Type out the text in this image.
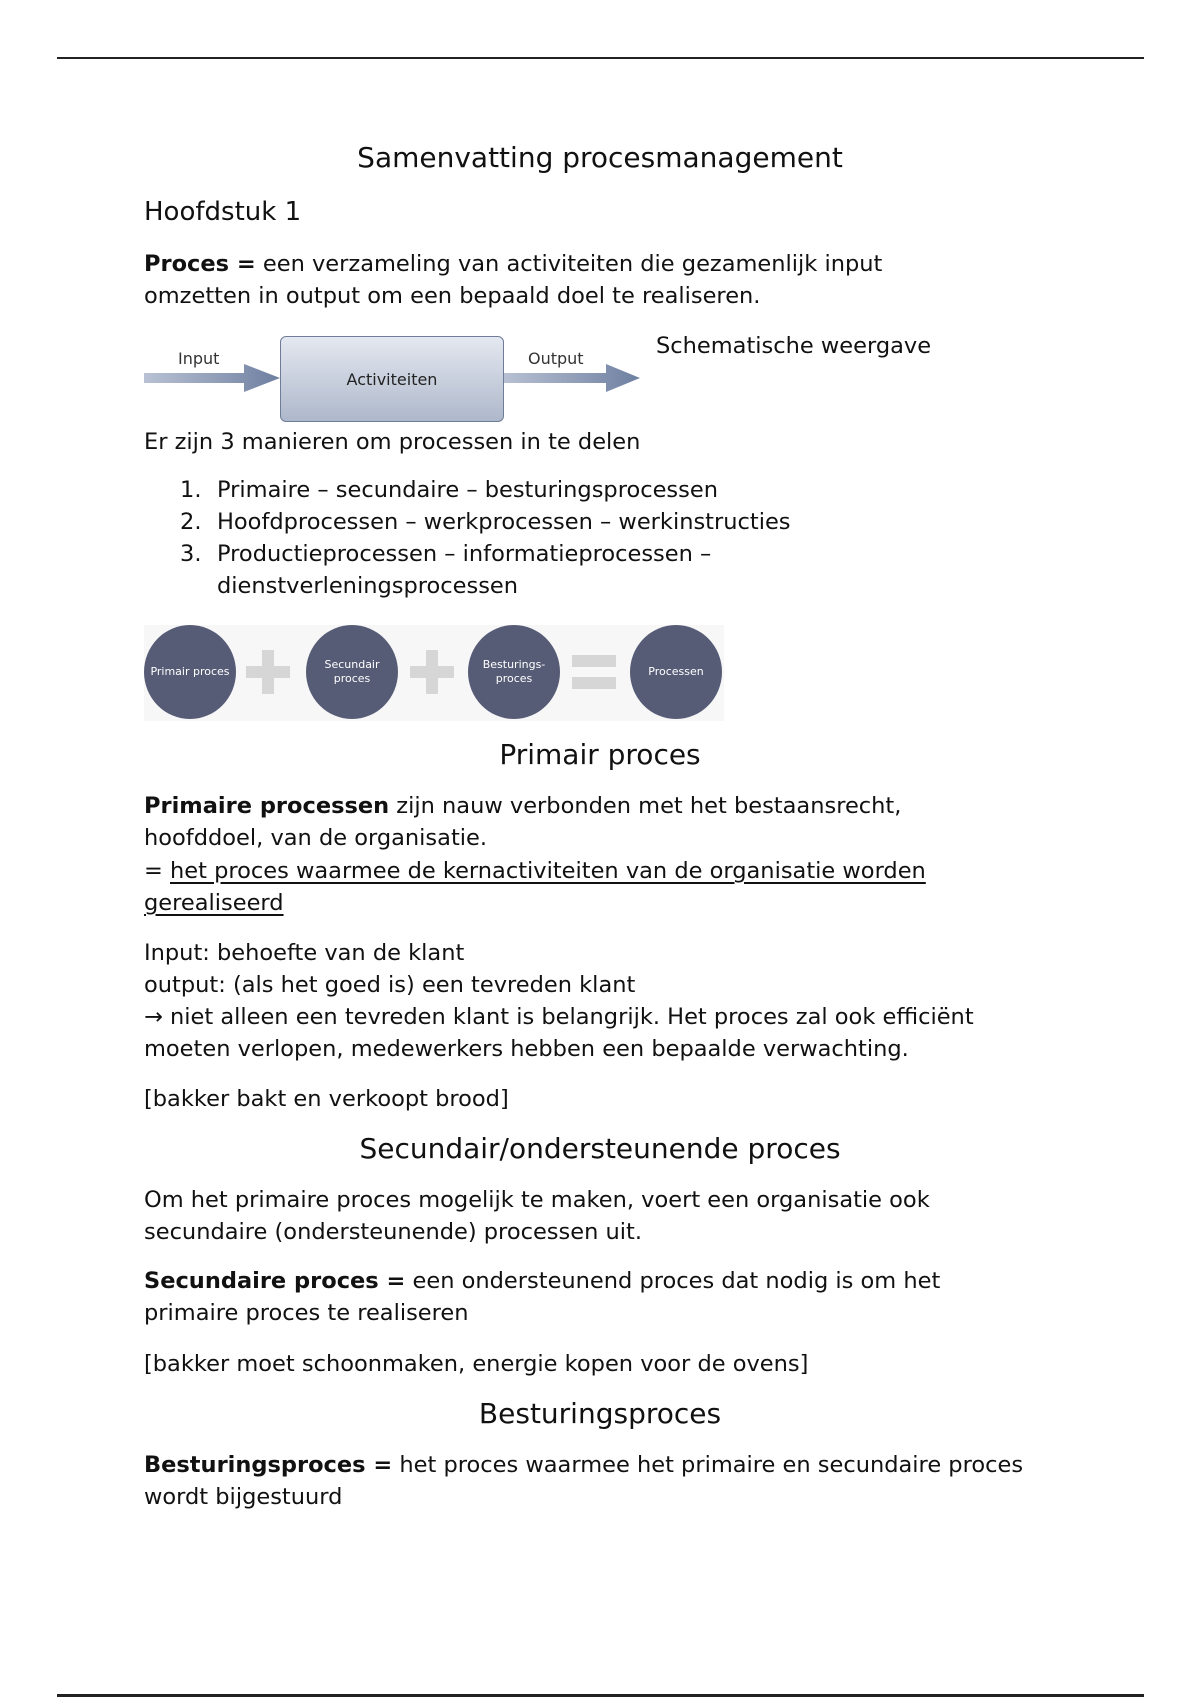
Samenvatting procesmanagement
Hoofdstuk 1

Proces = een verzameling van activiteiten die gezamenlijk input omzetten in output om een bepaald doel te realiseren.

Schematische weergave

Er zijn 3 manieren om processen in te delen

1. Primaire – secundaire – besturingsprocessen
2. Hoofdprocessen – werkprocessen – werkinstructies
3. Productieprocessen – informatieprocessen – dienstverleningsprocessen
Input
Activiteiten
Output
Primair proces
Secundair proces
Besturings-proces
Processen
Primair proces

Primaire processen zijn nauw verbonden met het bestaansrecht, hoofddoel, van de organisatie.

= het proces waarmee de kernactiviteiten van de organisatie worden gerealiseerd

Input: behoefte van de klant

output: (als het goed is) een tevreden klant

→ niet alleen een tevreden klant is belangrijk. Het proces zal ook efficiënt moeten verlopen, medewerkers hebben een bepaalde verwachting.

[bakker bakt en verkoopt brood]

Secundair/ondersteunende proces

Om het primaire proces mogelijk te maken, voert een organisatie ook secundaire (ondersteunende) processen uit.

Secundaire proces = een ondersteunend proces dat nodig is om het primaire proces te realiseren

[bakker moet schoonmaken, energie kopen voor de ovens]

Besturingsproces

Besturingsproces = het proces waarmee het primaire en secundaire proces wordt bijgestuurd
